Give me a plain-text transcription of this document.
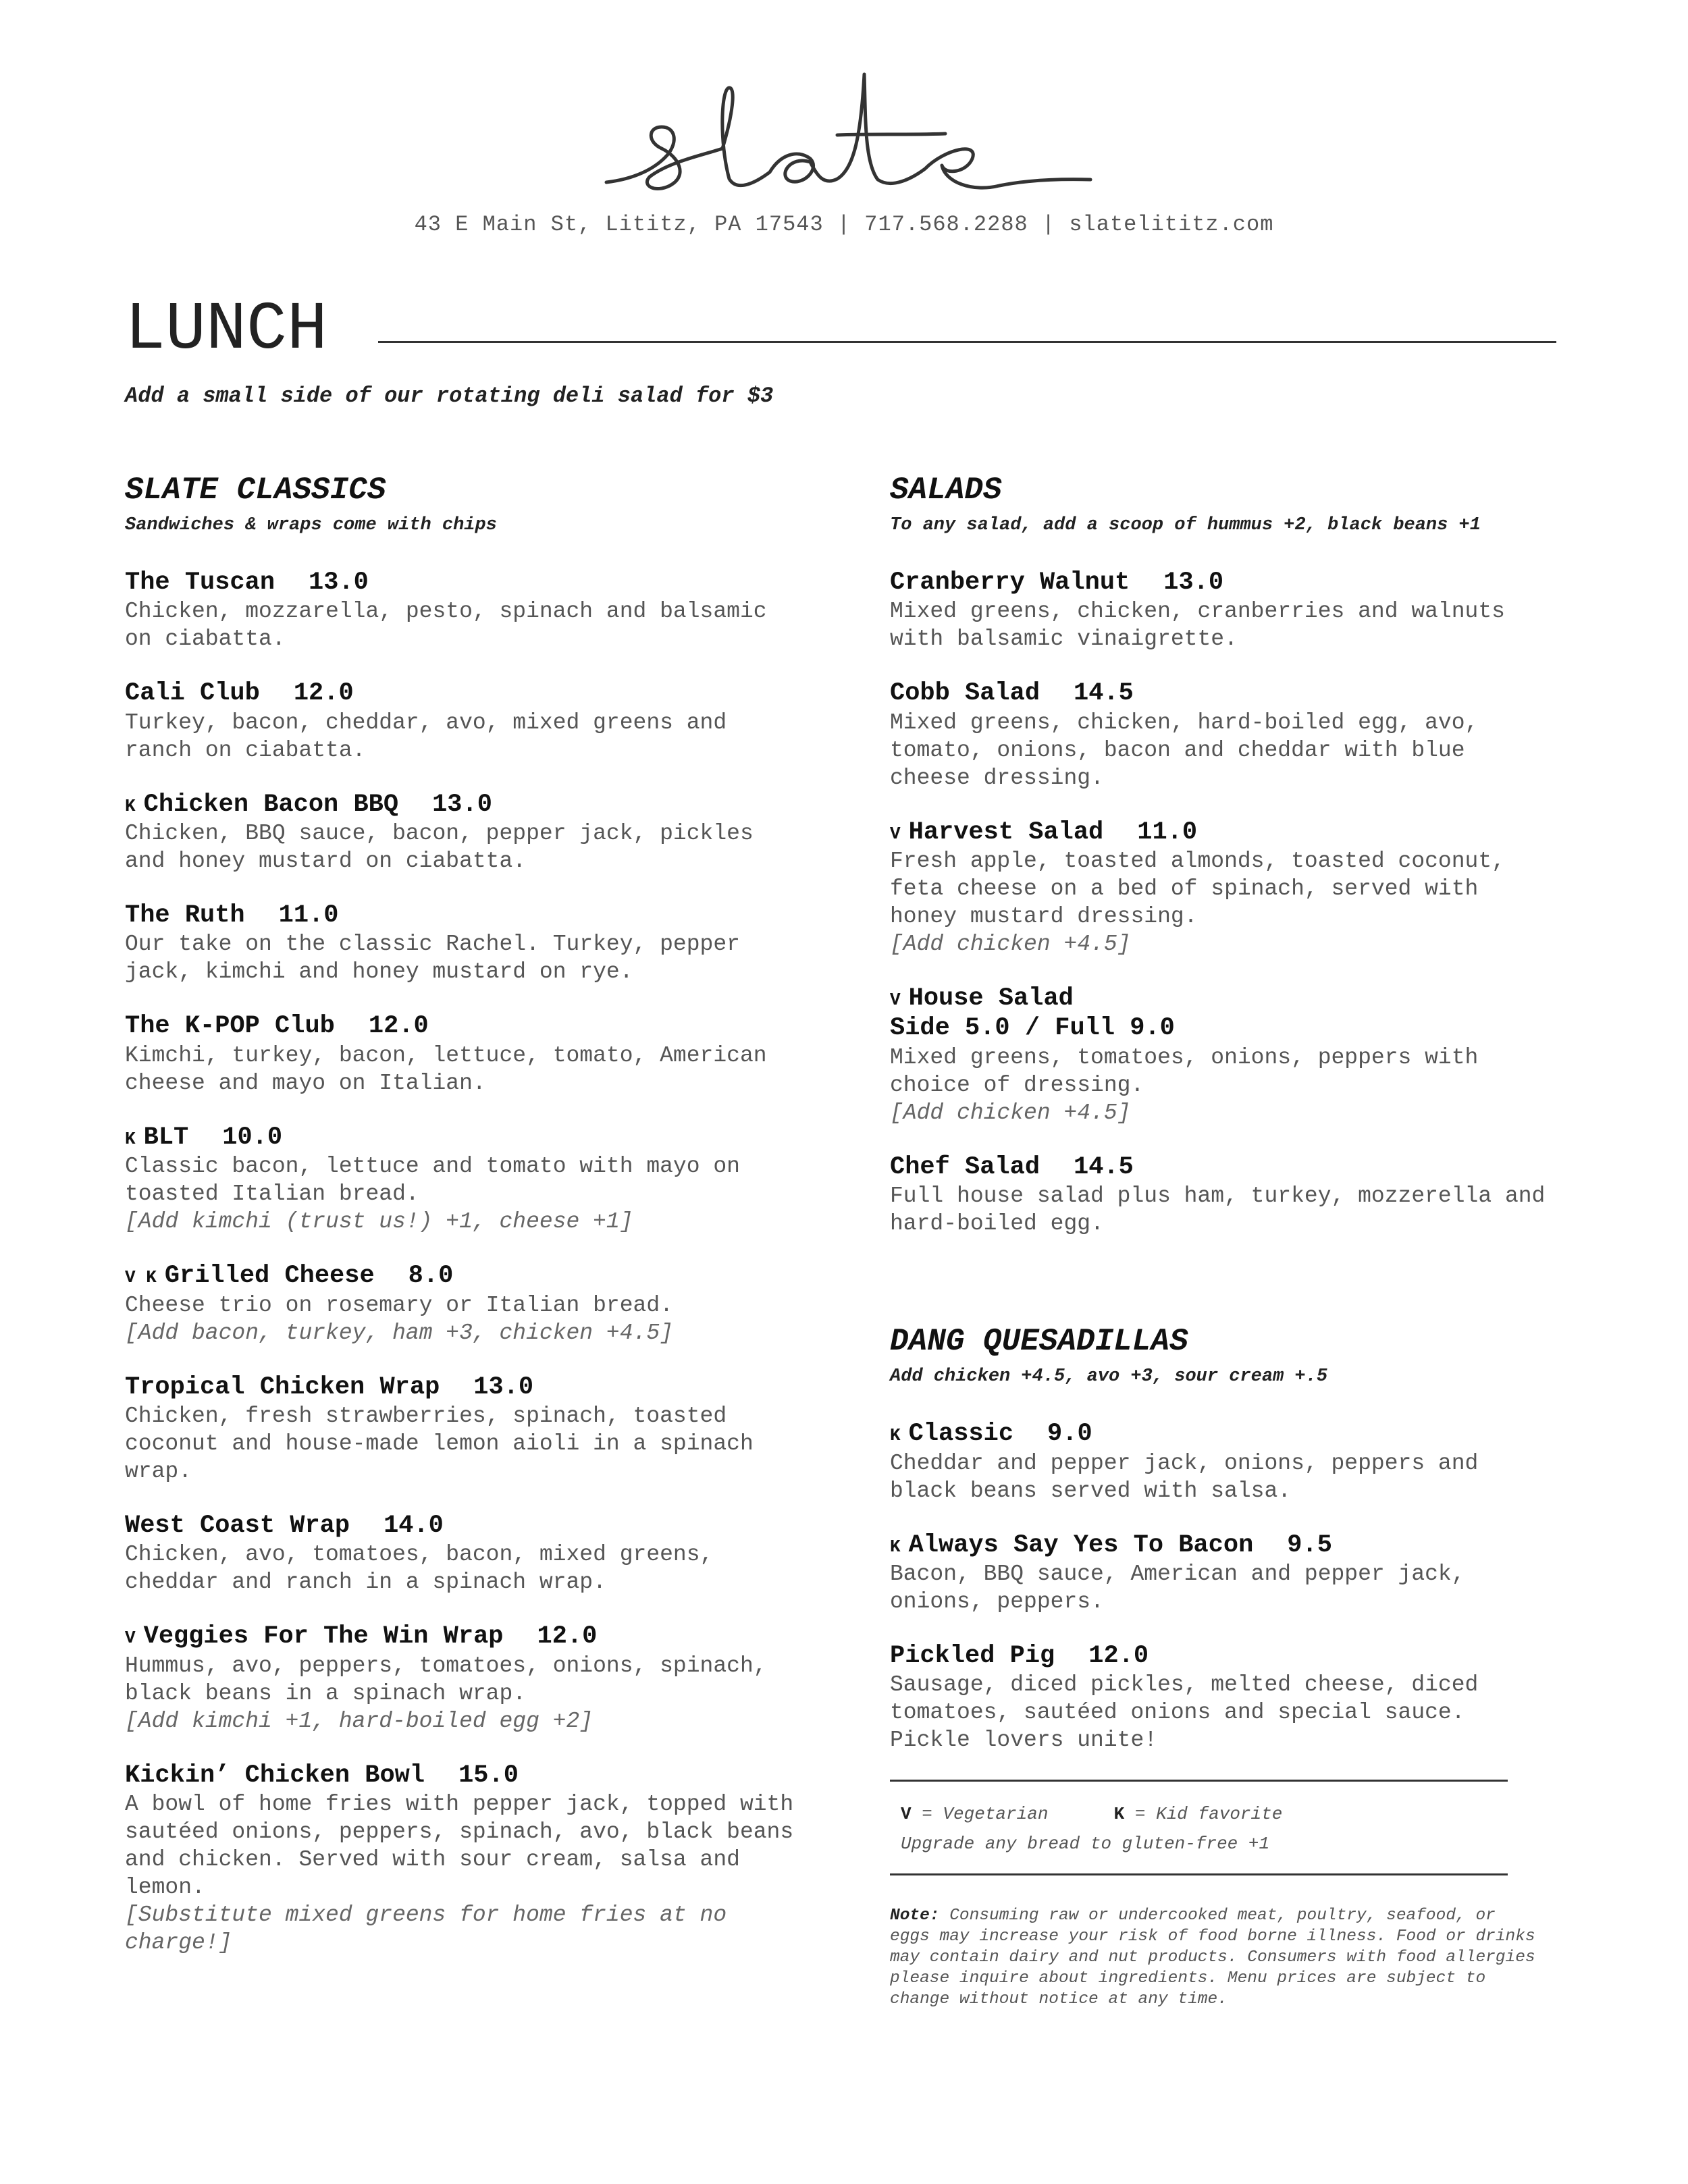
43 E Main St, Lititz, PA 17543 | 717.568.2288 | slatelititz.com
LUNCH
Add a small side of our rotating deli salad for $3
SLATE CLASSICS
Sandwiches & wraps come with chips
The Tuscan 13.0
Chicken, mozzarella, pesto, spinach and balsamic on ciabatta.
Cali Club 12.0
Turkey, bacon, cheddar, avo, mixed greens and ranch on ciabatta.
K Chicken Bacon BBQ 13.0
Chicken, BBQ sauce, bacon, pepper jack, pickles and honey mustard on ciabatta.
The Ruth 11.0
Our take on the classic Rachel. Turkey, pepper jack, kimchi and honey mustard on rye.
The K-POP Club 12.0
Kimchi, turkey, bacon, lettuce, tomato, American cheese and mayo on Italian.
K BLT 10.0
Classic bacon, lettuce and tomato with mayo on toasted Italian bread.
[Add kimchi (trust us!) +1, cheese +1]
V K Grilled Cheese 8.0
Cheese trio on rosemary or Italian bread.
[Add bacon, turkey, ham +3, chicken +4.5]
Tropical Chicken Wrap 13.0
Chicken, fresh strawberries, spinach, toasted coconut and house-made lemon aioli in a spinach wrap.
West Coast Wrap 14.0
Chicken, avo, tomatoes, bacon, mixed greens, cheddar and ranch in a spinach wrap.
V Veggies For The Win Wrap 12.0
Hummus, avo, peppers, tomatoes, onions, spinach, black beans in a spinach wrap.
[Add kimchi +1, hard-boiled egg +2]
Kickin’ Chicken Bowl 15.0
A bowl of home fries with pepper jack, topped with sautéed onions, peppers, spinach, avo, black beans and chicken. Served with sour cream, salsa and lemon.
[Substitute mixed greens for home fries at no charge!]
SALADS
To any salad, add a scoop of hummus +2, black beans +1
Cranberry Walnut 13.0
Mixed greens, chicken, cranberries and walnuts with balsamic vinaigrette.
Cobb Salad 14.5
Mixed greens, chicken, hard-boiled egg, avo, tomato, onions, bacon and cheddar with blue cheese dressing.
V Harvest Salad 11.0
Fresh apple, toasted almonds, toasted coconut, feta cheese on a bed of spinach, served with honey mustard dressing.
[Add chicken +4.5]
V House Salad
Side 5.0 / Full 9.0
Mixed greens, tomatoes, onions, peppers with choice of dressing.
[Add chicken +4.5]
Chef Salad 14.5
Full house salad plus ham, turkey, mozzerella and hard-boiled egg.
DANG QUESADILLAS
Add chicken +4.5, avo +3, sour cream +.5
K Classic 9.0
Cheddar and pepper jack, onions, peppers and black beans served with salsa.
K Always Say Yes To Bacon 9.5
Bacon, BBQ sauce, American and pepper jack, onions, peppers.
Pickled Pig 12.0
Sausage, diced pickles, melted cheese, diced tomatoes, sautéed onions and special sauce. Pickle lovers unite!
V = Vegetarian	K = Kid favorite
Upgrade any bread to gluten-free +1
Note: Consuming raw or undercooked meat, poultry, seafood, or eggs may increase your risk of food borne illness. Food or drinks may contain dairy and nut products. Consumers with food allergies please inquire about ingredients. Menu prices are subject to change without notice at any time.
